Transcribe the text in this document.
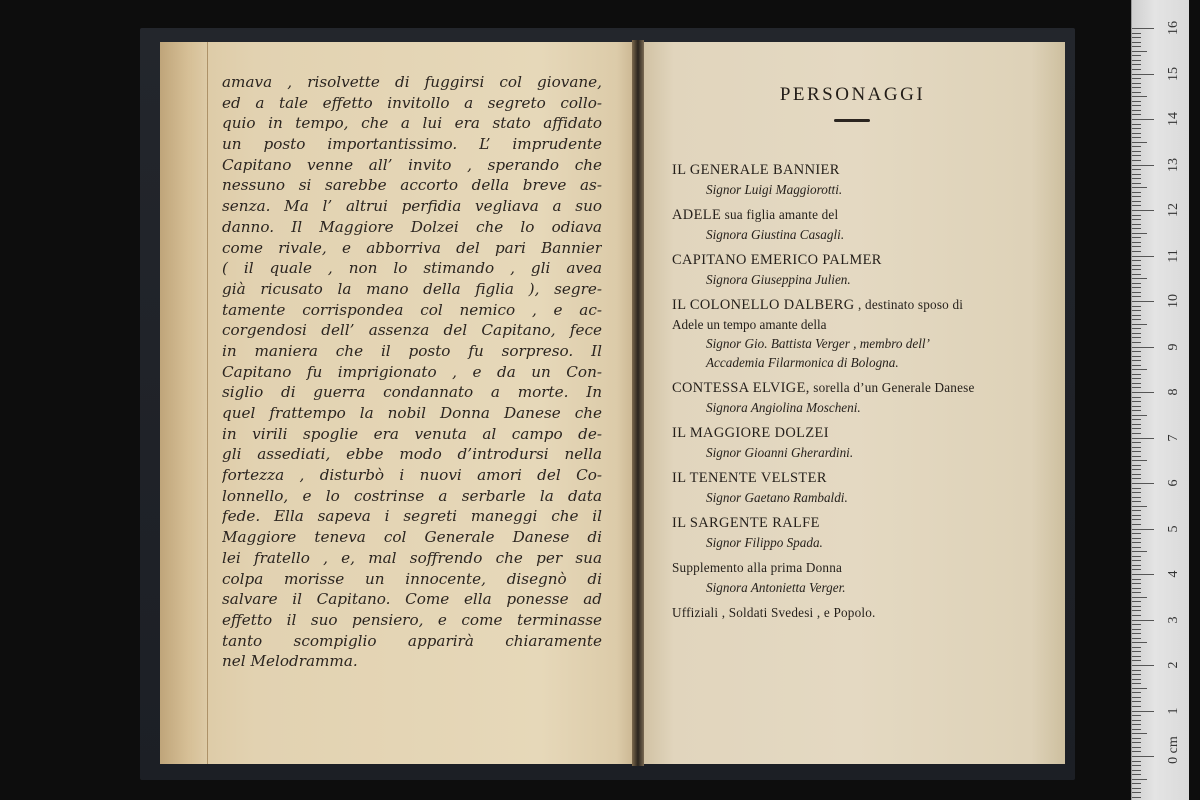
amava , risolvette di fuggirsi col giovane,
ed a tale effetto invitollo a segreto collo-
quio in tempo, che a lui era stato affidato
un posto importantissimo. L’ imprudente
Capitano venne all’ invito , sperando che
nessuno si sarebbe accorto della breve as-
senza. Ma l’ altrui perfidia vegliava a suo
danno. Il Maggiore Dolzei che lo odiava
come rivale, e abborriva del pari Bannier
( il quale , non lo stimando , gli avea
già ricusato la mano della figlia ), segre-
tamente corrispondea col nemico , e ac-
corgendosi dell’ assenza del Capitano, fece
in maniera che il posto fu sorpreso. Il
Capitano fu imprigionato , e da un Con-
siglio di guerra condannato a morte. In
quel frattempo la nobil Donna Danese che
in virili spoglie era venuta al campo de-
gli assediati, ebbe modo d’introdursi nella
fortezza , disturbò i nuovi amori del Co-
lonnello, e lo costrinse a serbarle la data
fede. Ella sapeva i segreti maneggi che il
Maggiore teneva col Generale Danese di
lei fratello , e, mal soffrendo che per sua
colpa morisse un innocente, disegnò di
salvare il Capitano. Come ella ponesse ad
effetto il suo pensiero, e come terminasse
tanto scompiglio apparirà chiaramente
nel Melodramma.
PERSONAGGI
IL GENERALE BANNIER
Signor Luigi Maggiorotti.
ADELE sua figlia amante del
Signora Giustina Casagli.
CAPITANO EMERICO PALMER
Signora Giuseppina Julien.
IL COLONELLO DALBERG , destinato sposo di
Adele un tempo amante della
Signor Gio. Battista Verger , membro dell’
Accademia Filarmonica di Bologna.
CONTESSA ELVIGE, sorella d’un Generale Danese
Signora Angiolina Moscheni.
IL MAGGIORE DOLZEI
Signor Gioanni Gherardini.
IL TENENTE VELSTER
Signor Gaetano Rambaldi.
IL SARGENTE RALFE
Signor Filippo Spada.
Supplemento alla prima Donna
Signora Antonietta Verger.
Uffiziali , Soldati Svedesi , e Popolo.
16
15
14
13
12
11
10
9
8
7
6
5
4
3
2
1
0 cm
